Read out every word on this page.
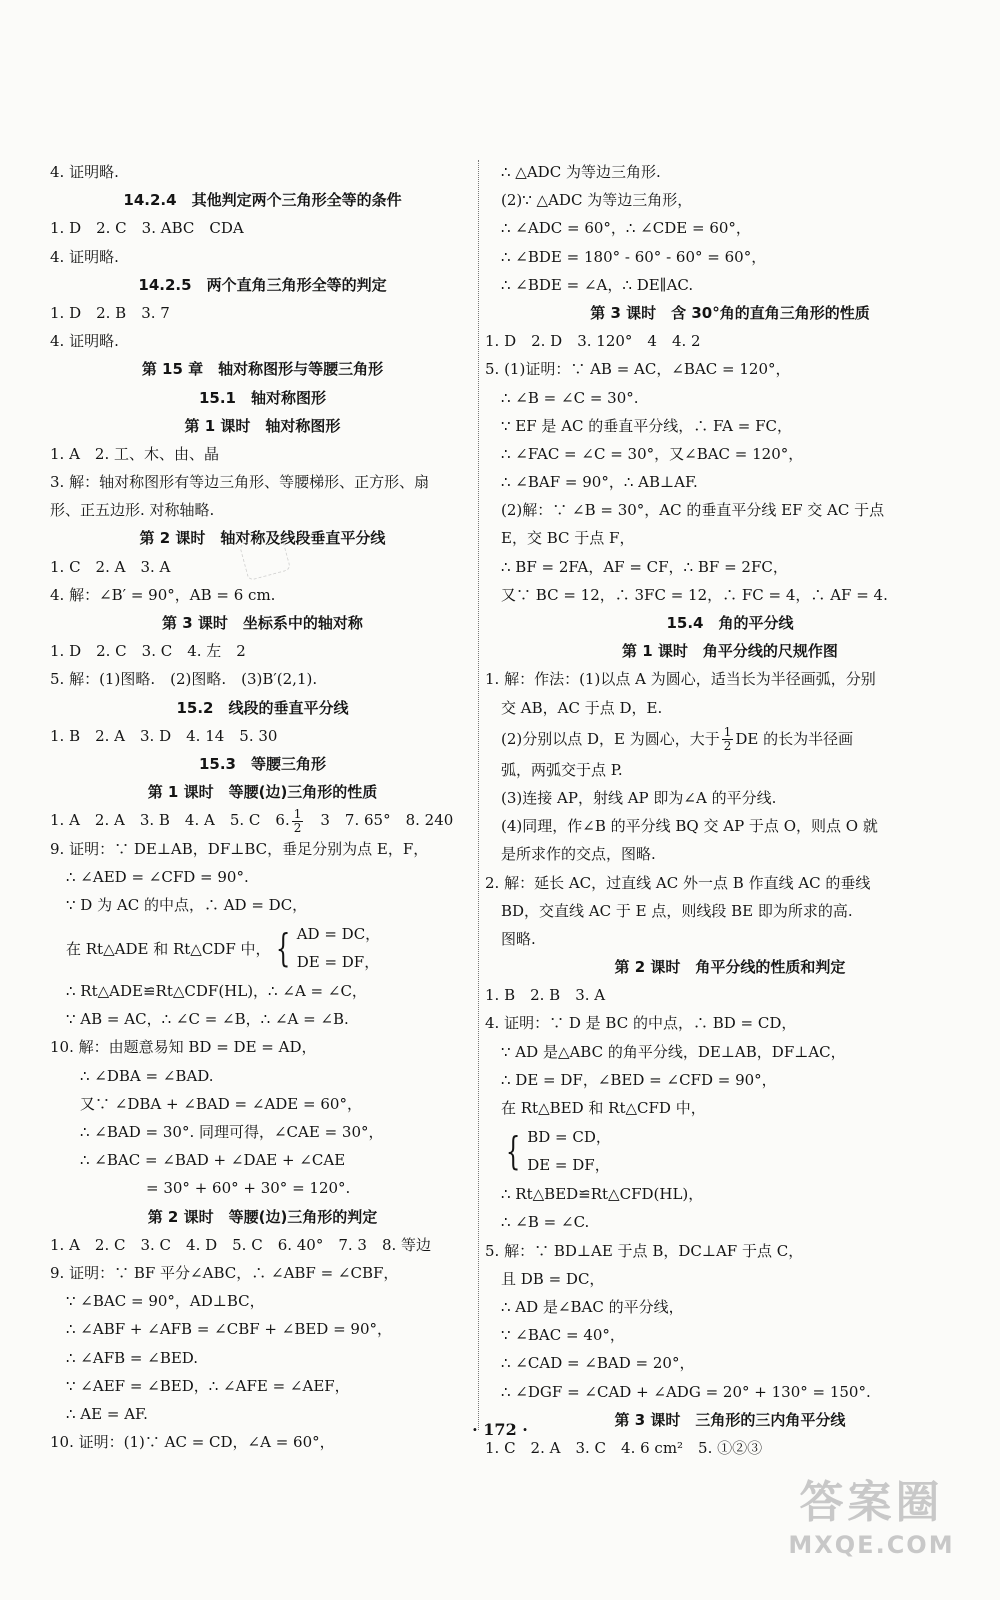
4. 证明略.
14.2.4　其他判定两个三角形全等的条件
1. D　2. C　3. ABC　CDA
4. 证明略.
14.2.5　两个直角三角形全等的判定
1. D　2. B　3. 7
4. 证明略.
第 15 章　轴对称图形与等腰三角形
15.1　轴对称图形
第 1 课时　轴对称图形
1. A　2. 工、木、由、晶
3. 解：轴对称图形有等边三角形、等腰梯形、正方形、扇
形、正五边形. 对称轴略.
第 2 课时　轴对称及线段垂直平分线
1. C　2. A　3. A
4. 解：∠B′ = 90°，AB = 6 cm.
第 3 课时　坐标系中的轴对称
1. D　2. C　3. C　4. 左　2
5. 解：(1)图略.　(2)图略.　(3)B′(2,1).
15.2　线段的垂直平分线
1. B　2. A　3. D　4. 14　5. 30
15.3　等腰三角形
第 1 课时　等腰(边)三角形的性质
1. A　2. A　3. B　4. A　5. C　6. $\frac{1}{2}$ 　3　7. 65°　8. 240
9. 证明：∵ DE⊥AB，DF⊥BC，垂足分别为点 E，F，
∴ ∠AED = ∠CFD = 90°.
∵ D 为 AC 的中点，∴ AD = DC，
在 Rt△ADE 和 Rt△CDF 中， { AD = DC，
DE = DF，
∴ Rt△ADE≌Rt△CDF(HL)，∴ ∠A = ∠C，
∵ AB = AC，∴ ∠C = ∠B，∴ ∠A = ∠B.
10. 解：由题意易知 BD = DE = AD，
∴ ∠DBA = ∠BAD.
又∵ ∠DBA + ∠BAD = ∠ADE = 60°，
∴ ∠BAD = 30°. 同理可得，∠CAE = 30°，
∴ ∠BAC = ∠BAD + ∠DAE + ∠CAE
= 30° + 60° + 30° = 120°.
第 2 课时　等腰(边)三角形的判定
1. A　2. C　3. C　4. D　5. C　6. 40°　7. 3　8. 等边
9. 证明：∵ BF 平分∠ABC，∴ ∠ABF = ∠CBF，
∵ ∠BAC = 90°，AD⊥BC，
∴ ∠ABF + ∠AFB = ∠CBF + ∠BED = 90°，
∴ ∠AFB = ∠BED.
∵ ∠AEF = ∠BED，∴ ∠AFE = ∠AEF，
∴ AE = AF.
10. 证明：(1)∵ AC = CD，∠A = 60°，
∴ △ADC 为等边三角形.
(2)∵ △ADC 为等边三角形，
∴ ∠ADC = 60°，∴ ∠CDE = 60°，
∴ ∠BDE = 180° - 60° - 60° = 60°，
∴ ∠BDE = ∠A，∴ DE∥AC.
第 3 课时　含 30°角的直角三角形的性质
1. D　2. D　3. 120°　4　4. 2
5. (1)证明：∵ AB = AC，∠BAC = 120°，
∴ ∠B = ∠C = 30°.
∵ EF 是 AC 的垂直平分线，∴ FA = FC，
∴ ∠FAC = ∠C = 30°，又∠BAC = 120°，
∴ ∠BAF = 90°，∴ AB⊥AF.
(2)解：∵ ∠B = 30°，AC 的垂直平分线 EF 交 AC 于点
E，交 BC 于点 F，
∴ BF = 2FA，AF = CF，∴ BF = 2FC，
又∵ BC = 12，∴ 3FC = 12，∴ FC = 4，∴ AF = 4.
15.4　角的平分线
第 1 课时　角平分线的尺规作图
1. 解：作法：(1)以点 A 为圆心，适当长为半径画弧，分别
交 AB，AC 于点 D，E.
(2)分别以点 D，E 为圆心，大于 $\frac{1}{2}$ DE 的长为半径画
弧，两弧交于点 P.
(3)连接 AP，射线 AP 即为∠A 的平分线.
(4)同理，作∠B 的平分线 BQ 交 AP 于点 O，则点 O 就
是所求作的交点，图略.
2. 解：延长 AC，过直线 AC 外一点 B 作直线 AC 的垂线
BD，交直线 AC 于 E 点，则线段 BE 即为所求的高.
图略.
第 2 课时　角平分线的性质和判定
1. B　2. B　3. A
4. 证明：∵ D 是 BC 的中点，∴ BD = CD，
∵ AD 是△ABC 的角平分线，DE⊥AB，DF⊥AC，
∴ DE = DF，∠BED = ∠CFD = 90°，
在 Rt△BED 和 Rt△CFD 中，
{ BD = CD，
DE = DF，
∴ Rt△BED≌Rt△CFD(HL)，
∴ ∠B = ∠C.
5. 解：∵ BD⊥AE 于点 B，DC⊥AF 于点 C，
且 DB = DC，
∴ AD 是∠BAC 的平分线，
∵ ∠BAC = 40°，
∴ ∠CAD = ∠BAD = 20°，
∴ ∠DGF = ∠CAD + ∠ADG = 20° + 130° = 150°.
第 3 课时　三角形的三内角平分线
1. C　2. A　3. C　4. 6 cm²　5. ①②③
· 172 ·
答案圈
MXQE.COM
